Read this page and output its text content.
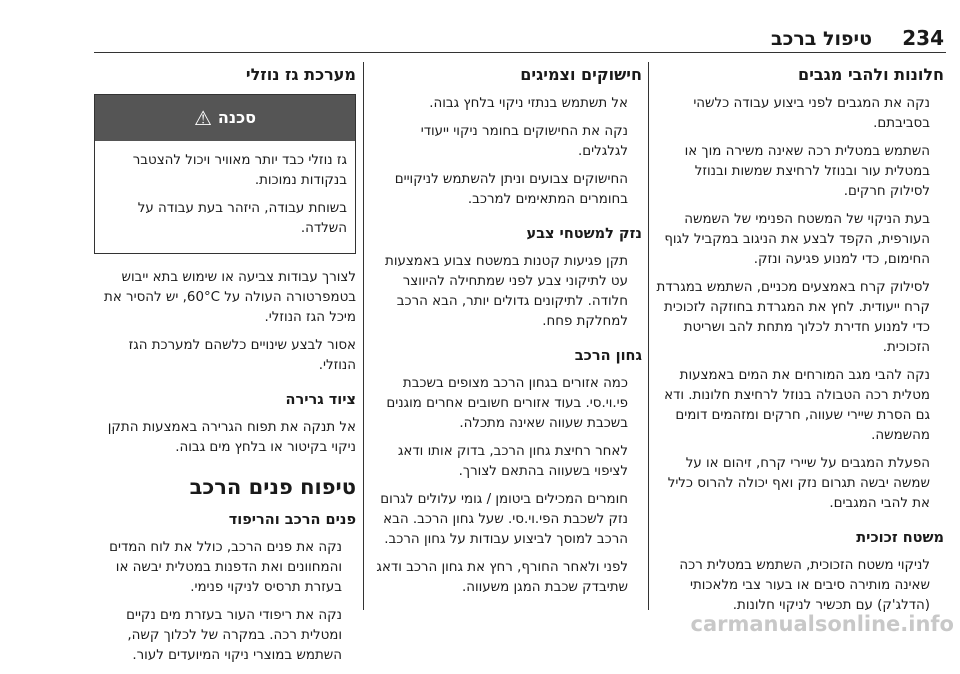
234
טיפול ברכב
חלונות ולהבי מגבים

נקה את המגבים לפני ביצוע עבודה כלשהי בסביבתם.

השתמש במטלית רכה שאינה משירה מוך או במטלית עור ובנוזל לרחיצת שמשות ובנוזל לסילוק חרקים.

בעת הניקוי של המשטח הפנימי של השמשה העורפית, הקפד לבצע את הניגוב במקביל לגוף החימום, כדי למנוע פגיעה ונזק.

לסילוק קרח באמצעים מכניים, השתמש במגרדת קרח ייעודית. לחץ את המגרדת בחוזקה לזכוכית כדי למנוע חדירת לכלוך מתחת להב ושריטת הזכוכית.

נקה להבי מגב המורחים את המים באמצעות מטלית רכה הטבולה בנוזל לרחיצת חלונות. ודא גם הסרת שיירי שעווה, חרקים ומזהמים דומים מהשמשה.

הפעלת המגבים על שיירי קרח, זיהום או על שמשה יבשה תגרום נזק ואף יכולה להרוס כליל את להבי המגבים.

משטח זכוכית

לניקוי משטח הזכוכית, השתמש במטלית רכה שאינה מותירה סיבים או בעור צבי מלאכותי (הדלג'ק) עם תכשיר לניקוי חלונות.

חישוקים וצמיגים

אל תשתמש בנתזי ניקוי בלחץ גבוה.

נקה את החישוקים בחומר ניקוי ייעודי לגלגלים.

החישוקים צבועים וניתן להשתמש לניקויים בחומרים המתאימים למרכב.

נזק למשטחי צבע

תקן פגיעות קטנות במשטח צבוע באמצעות עט לתיקוני צבע לפני שמתחילה להיווצר חלודה. לתיקונים גדולים יותר, הבא הרכב למחלקת פחח.

גחון הרכב

כמה אזורים בגחון הרכב מצופים בשכבת פי.וי.סי. בעוד אזורים חשובים אחרים מוגנים בשכבת שעווה שאינה מתכלה.

לאחר רחיצת גחון הרכב, בדוק אותו ודאג לציפוי בשעווה בהתאם לצורך.

חומרים המכילים ביטומן / גומי עלולים לגרום נזק לשכבת הפי.וי.סי. שעל גחון הרכב. הבא הרכב למוסך לביצוע עבודות על גחון הרכב.

לפני ולאחר החורף, רחץ את גחון הרכב ודאג שתיבדק שכבת המגן משעווה.

מערכת גז נוזלי
סכנה
⚠

גז נוזלי כבד יותר מאוויר ויכול להצטבר בנקודות נמוכות.

בשוחת עבודה, היזהר בעת עבודה על השלדה.

לצורך עבודות צביעה או שימוש בתא ייבוש בטמפרטורה העולה על 60°C, יש להסיר את מיכל הגז הנוזלי.

אסור לבצע שינויים כלשהם למערכת הגז הנוזלי.

ציוד גרירה

אל תנקה את תפוח הגרירה באמצעות התקן ניקוי בקיטור או בלחץ מים גבוה.

טיפוח פנים הרכב
פנים הרכב והריפוד

נקה את פנים הרכב, כולל את לוח המדים והמחוונים ואת הדפנות במטלית יבשה או בעזרת תרסיס לניקוי פנימי.

נקה את ריפודי העור בעזרת מים נקיים ומטלית רכה. במקרה של לכלוך קשה, השתמש במוצרי ניקוי המיועדים לעור.

carmanualsonline.info
